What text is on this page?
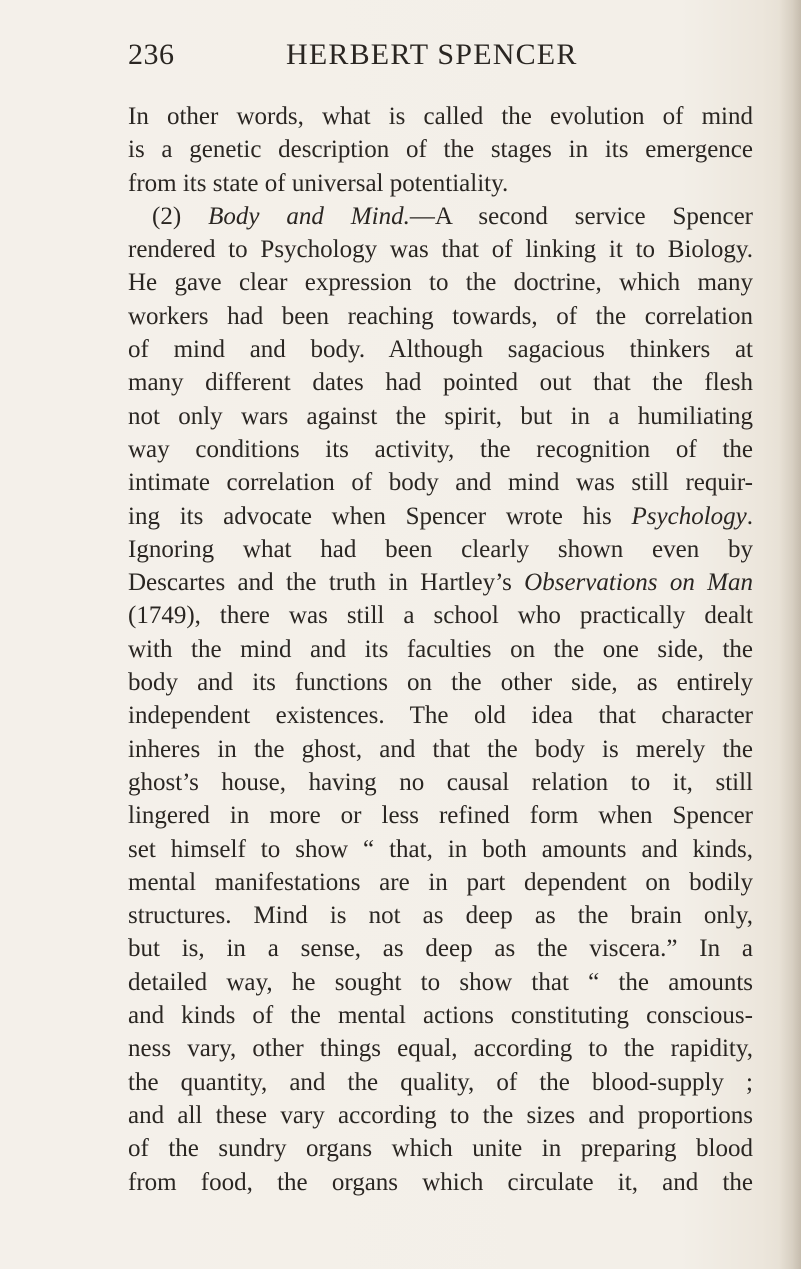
236	HERBERT SPENCER
In other words, what is called the evolution of mind
is a genetic description of the stages in its emergence
from its state of universal potentiality.
(2) Body and Mind.—A second service Spencer
rendered to Psychology was that of linking it to Biology.
He gave clear expression to the doctrine, which many
workers had been reaching towards, of the correlation
of mind and body. Although sagacious thinkers at
many different dates had pointed out that the flesh
not only wars against the spirit, but in a humiliating
way conditions its activity, the recognition of the
intimate correlation of body and mind was still requir-
ing its advocate when Spencer wrote his Psychology.
Ignoring what had been clearly shown even by
Descartes and the truth in Hartley’s Observations on Man
(1749), there was still a school who practically dealt
with the mind and its faculties on the one side, the
body and its functions on the other side, as entirely
independent existences. The old idea that character
inheres in the ghost, and that the body is merely the
ghost’s house, having no causal relation to it, still
lingered in more or less refined form when Spencer
set himself to show “ that, in both amounts and kinds,
mental manifestations are in part dependent on bodily
structures. Mind is not as deep as the brain only,
but is, in a sense, as deep as the viscera.” In a
detailed way, he sought to show that “ the amounts
and kinds of the mental actions constituting conscious-
ness vary, other things equal, according to the rapidity,
the quantity, and the quality, of the blood-supply ;
and all these vary according to the sizes and proportions
of the sundry organs which unite in preparing blood
from food, the organs which circulate it, and the
